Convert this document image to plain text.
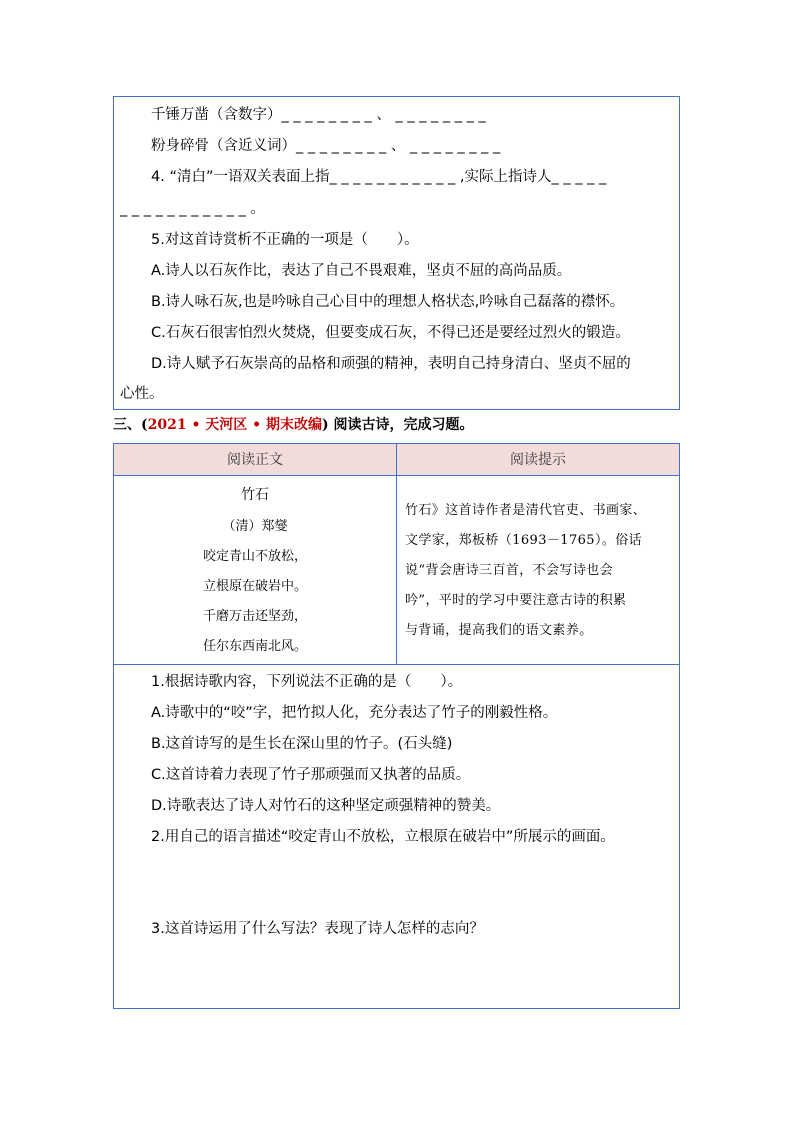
千锤万凿（含数字）_ _ _ _ _ _ _ _ 、 _ _ _ _ _ _ _ _
粉身碎骨（含近义词）_ _ _ _ _ _ _ _ 、 _ _ _ _ _ _ _ _
4. “清白”一语双关表面上指_ _ _ _ _ _ _ _ _ _ _ ,实际上指诗人_ _ _ _ _
_ _ _ _ _ _ _ _ _ _ _ 。
5.对这首诗赏析不正确的一项是（　　）。
A.诗人以石灰作比，表达了自己不畏艰难，坚贞不屈的高尚品质。
B.诗人咏石灰,也是吟咏自己心目中的理想人格状态,吟咏自己磊落的襟怀。
C.石灰石很害怕烈火焚烧，但要变成石灰，不得已还是要经过烈火的锻造。
D.诗人赋予石灰崇高的品格和顽强的精神，表明自己持身清白、坚贞不屈的
心性。
三、(2021 • 天河区 • 期末改编) 阅读古诗，完成习题。
阅读正文	阅读提示
竹石
（清）郑燮
咬定青山不放松，
立根原在破岩中。
千磨万击还坚劲，
任尔东西南北风。
竹石》这首诗作者是清代官吏、书画家、
文学家，郑板桥（1693－1765）。俗话
说“背会唐诗三百首，不会写诗也会
吟”，平时的学习中要注意古诗的积累
与背诵，提高我们的语文素养。
1.根据诗歌内容，下列说法不正确的是（　　）。
A.诗歌中的“咬”字，把竹拟人化，充分表达了竹子的刚毅性格。
B.这首诗写的是生长在深山里的竹子。(石头缝)
C.这首诗着力表现了竹子那顽强而又执著的品质。
D.诗歌表达了诗人对竹石的这种坚定顽强精神的赞美。
2.用自己的语言描述“咬定青山不放松，立根原在破岩中”所展示的画面。
3.这首诗运用了什么写法？表现了诗人怎样的志向？
